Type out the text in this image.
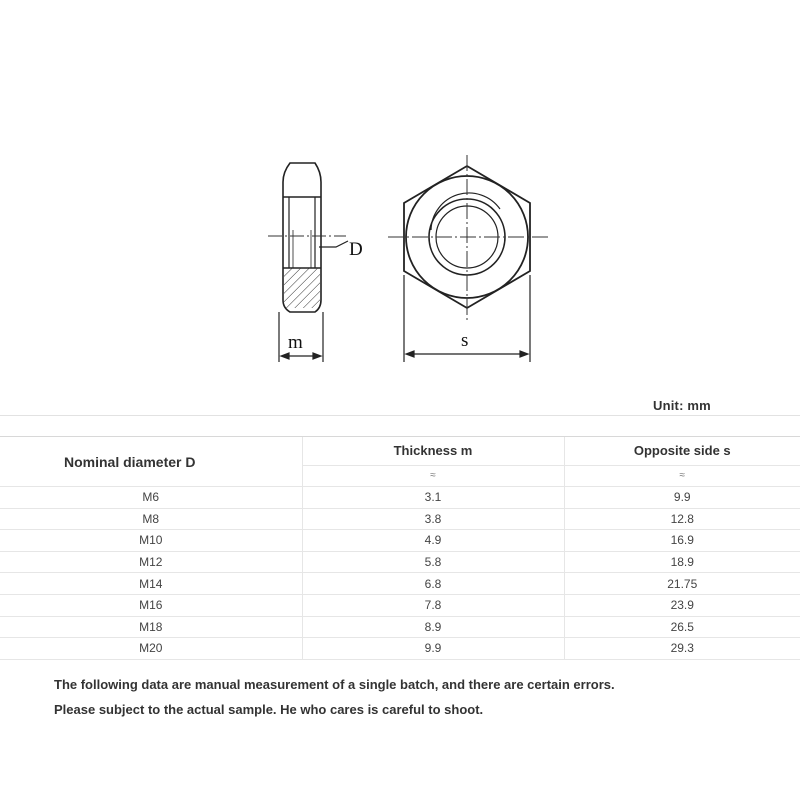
D
m	s
Unit: mm
Nominal diameter D	Thickness m	Opposite side s
	≈	≈
M6	3.1	9.9
M8	3.8	12.8
M10	4.9	16.9
M12	5.8	18.9
M14	6.8	21.75
M16	7.8	23.9
M18	8.9	26.5
M20	9.9	29.3
The following data are manual measurement of a single batch, and there are certain errors.
Please subject to the actual sample. He who cares is careful to shoot.
